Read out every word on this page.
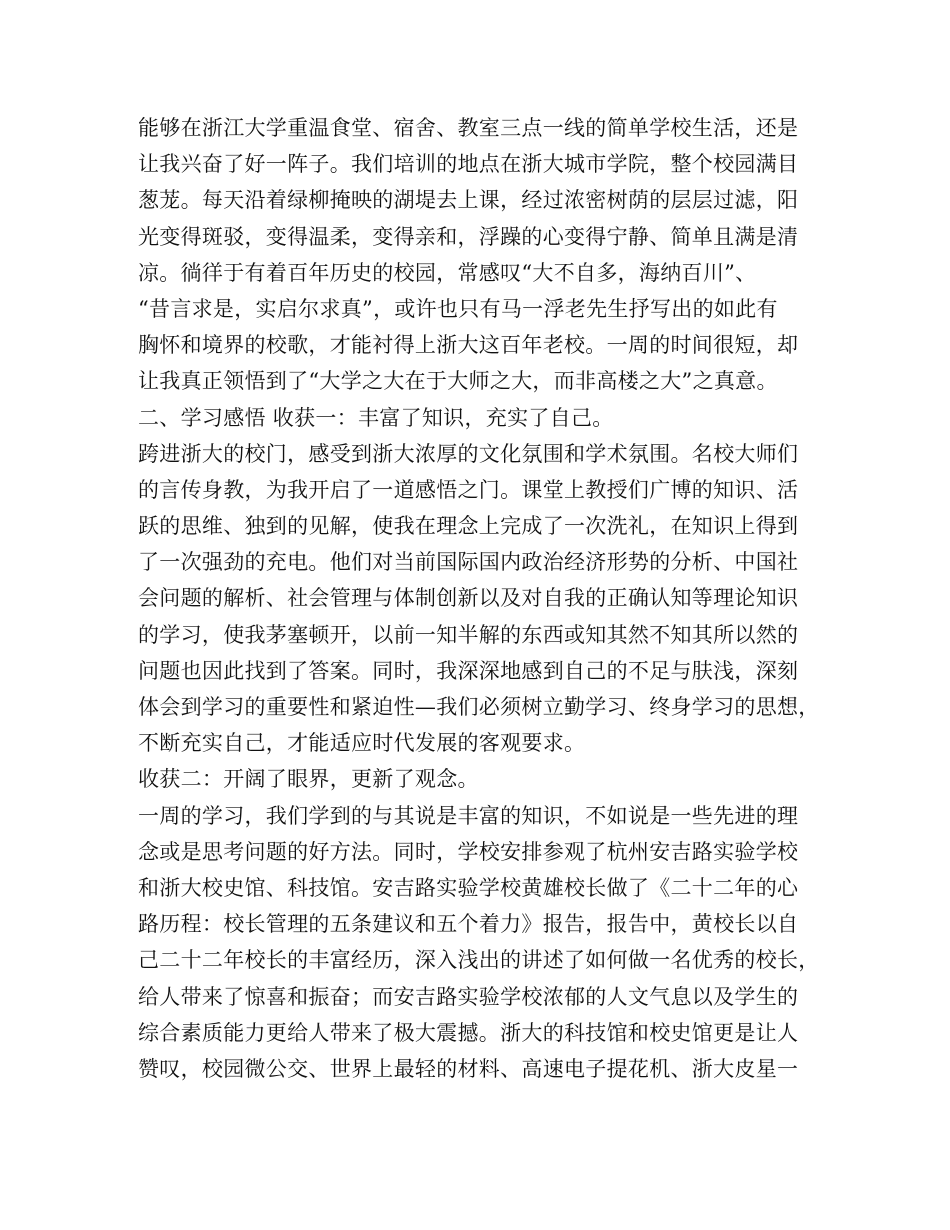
能够在浙江大学重温食堂、宿舍、教室三点一线的简单学校生活，还是
让我兴奋了好一阵子。我们培训的地点在浙大城市学院，整个校园满目
葱茏。每天沿着绿柳掩映的湖堤去上课，经过浓密树荫的层层过滤，阳
光变得斑驳，变得温柔，变得亲和，浮躁的心变得宁静、简单且满是清
凉。徜徉于有着百年历史的校园，常感叹“大不自多，海纳百川”、
“昔言求是，实启尔求真”，或许也只有马一浮老先生抒写出的如此有
胸怀和境界的校歌，才能衬得上浙大这百年老校。一周的时间很短，却
让我真正领悟到了“大学之大在于大师之大，而非高楼之大”之真意。
二、学习感悟 收获一：丰富了知识，充实了自己。
跨进浙大的校门，感受到浙大浓厚的文化氛围和学术氛围。名校大师们
的言传身教，为我开启了一道感悟之门。课堂上教授们广博的知识、活
跃的思维、独到的见解，使我在理念上完成了一次洗礼，在知识上得到
了一次强劲的充电。他们对当前国际国内政治经济形势的分析、中国社
会问题的解析、社会管理与体制创新以及对自我的正确认知等理论知识
的学习，使我茅塞顿开，以前一知半解的东西或知其然不知其所以然的
问题也因此找到了答案。同时，我深深地感到自己的不足与肤浅，深刻
体会到学习的重要性和紧迫性—我们必须树立勤学习、终身学习的思想，
不断充实自己，才能适应时代发展的客观要求。
收获二：开阔了眼界，更新了观念。
一周的学习，我们学到的与其说是丰富的知识，不如说是一些先进的理
念或是思考问题的好方法。同时，学校安排参观了杭州安吉路实验学校
和浙大校史馆、科技馆。安吉路实验学校黄雄校长做了《二十二年的心
路历程：校长管理的五条建议和五个着力》报告，报告中，黄校长以自
己二十二年校长的丰富经历，深入浅出的讲述了如何做一名优秀的校长，
给人带来了惊喜和振奋；而安吉路实验学校浓郁的人文气息以及学生的
综合素质能力更给人带来了极大震撼。浙大的科技馆和校史馆更是让人
赞叹，校园微公交、世界上最轻的材料、高速电子提花机、浙大皮星一
